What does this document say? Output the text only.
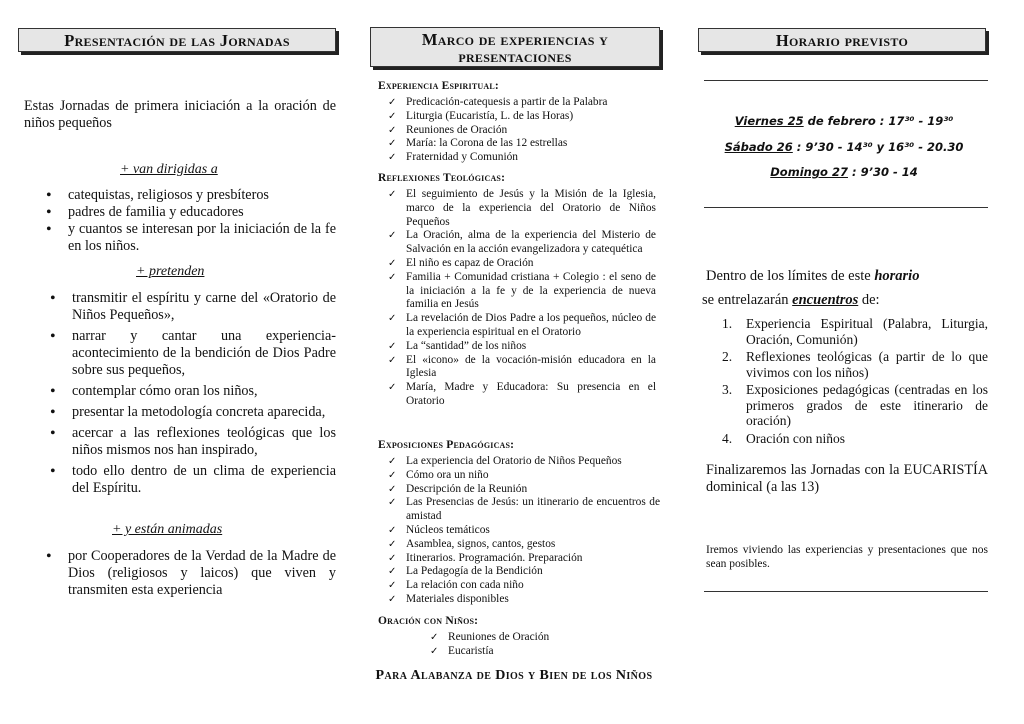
Presentación de las Jornadas	Marco de experiencias y presentaciones
Horario previsto

Estas Jornadas de primera iniciación a la oración de niños pequeños

+ van dirigidas a
• catequistas, religiosos y presbíteros
• padres de familia y educadores
• y cuantos se interesan por la iniciación de la fe en los niños.
+ pretenden
• transmitir el espíritu y carne del «Oratorio de Niños Pequeños»,
• narrar y cantar una experiencia-acontecimiento de la bendición de Dios Padre sobre sus pequeños,
• contemplar cómo oran los niños,
• presentar la metodología concreta aparecida,
• acercar a las reflexiones teológicas que los niños mismos nos han inspirado,
• todo ello dentro de un clima de experiencia del Espíritu.
+ y están animadas
• por Cooperadores de la Verdad de la Madre de Dios (religiosos y laicos) que viven y transmiten esta experiencia
Experiencia Espiritual:
✓ Predicación-catequesis a partir de la Palabra
✓ Liturgia (Eucaristía, L. de las Horas)
✓ Reuniones de Oración
✓ María: la Corona de las 12 estrellas
✓ Fraternidad y Comunión
Reflexiones Teológicas:
✓ El seguimiento de Jesús y la Misión de la Iglesia, marco de la experiencia del Oratorio de Niños Pequeños
✓ La Oración, alma de la experiencia del Misterio de Salvación en la acción evangelizadora y catequética
✓ El niño es capaz de Oración
✓ Familia + Comunidad cristiana + Colegio : el seno de la iniciación a la fe y de la experiencia de nueva familia en Jesús
✓ La revelación de Dios Padre a los pequeños, núcleo de la experiencia espiritual en el Oratorio
✓ La “santidad” de los niños
✓ El «icono» de la vocación-misión educadora en la Iglesia
✓ María, Madre y Educadora: Su presencia en el Oratorio
Exposiciones Pedagógicas:
✓ La experiencia del Oratorio de Niños Pequeños
✓ Cómo ora un niño
✓ Descripción de la Reunión
✓ Las Presencias de Jesús: un itinerario de encuentros de amistad
✓ Núcleos temáticos
✓ Asamblea, signos, cantos, gestos
✓ Itinerarios. Programación. Preparación
✓ La Pedagogía de la Bendición
✓ La relación con cada niño
✓ Materiales disponibles
Oración con Niños:
✓ Reuniones de Oración
✓ Eucaristía
Para Alabanza de Dios y Bien de los Niños
Viernes 25 de febrero : 17³⁰ - 19³⁰
Sábado 26 : 9’30 - 14³⁰ y 16³⁰ - 20.30
Domingo 27 : 9’30 - 14

Dentro de los límites de este horario

se entrelazarán encuentros de:

1. Experiencia Espiritual (Palabra, Liturgia, Oración, Comunión)
2. Reflexiones teológicas (a partir de lo que vivimos con los niños)
3. Exposiciones pedagógicas (centradas en los primeros grados de este itinerario de oración)
4. Oración con niños

Finalizaremos las Jornadas con la EUCARISTÍA dominical (a las 13)

Iremos viviendo las experiencias y presentaciones que nos sean posibles.
